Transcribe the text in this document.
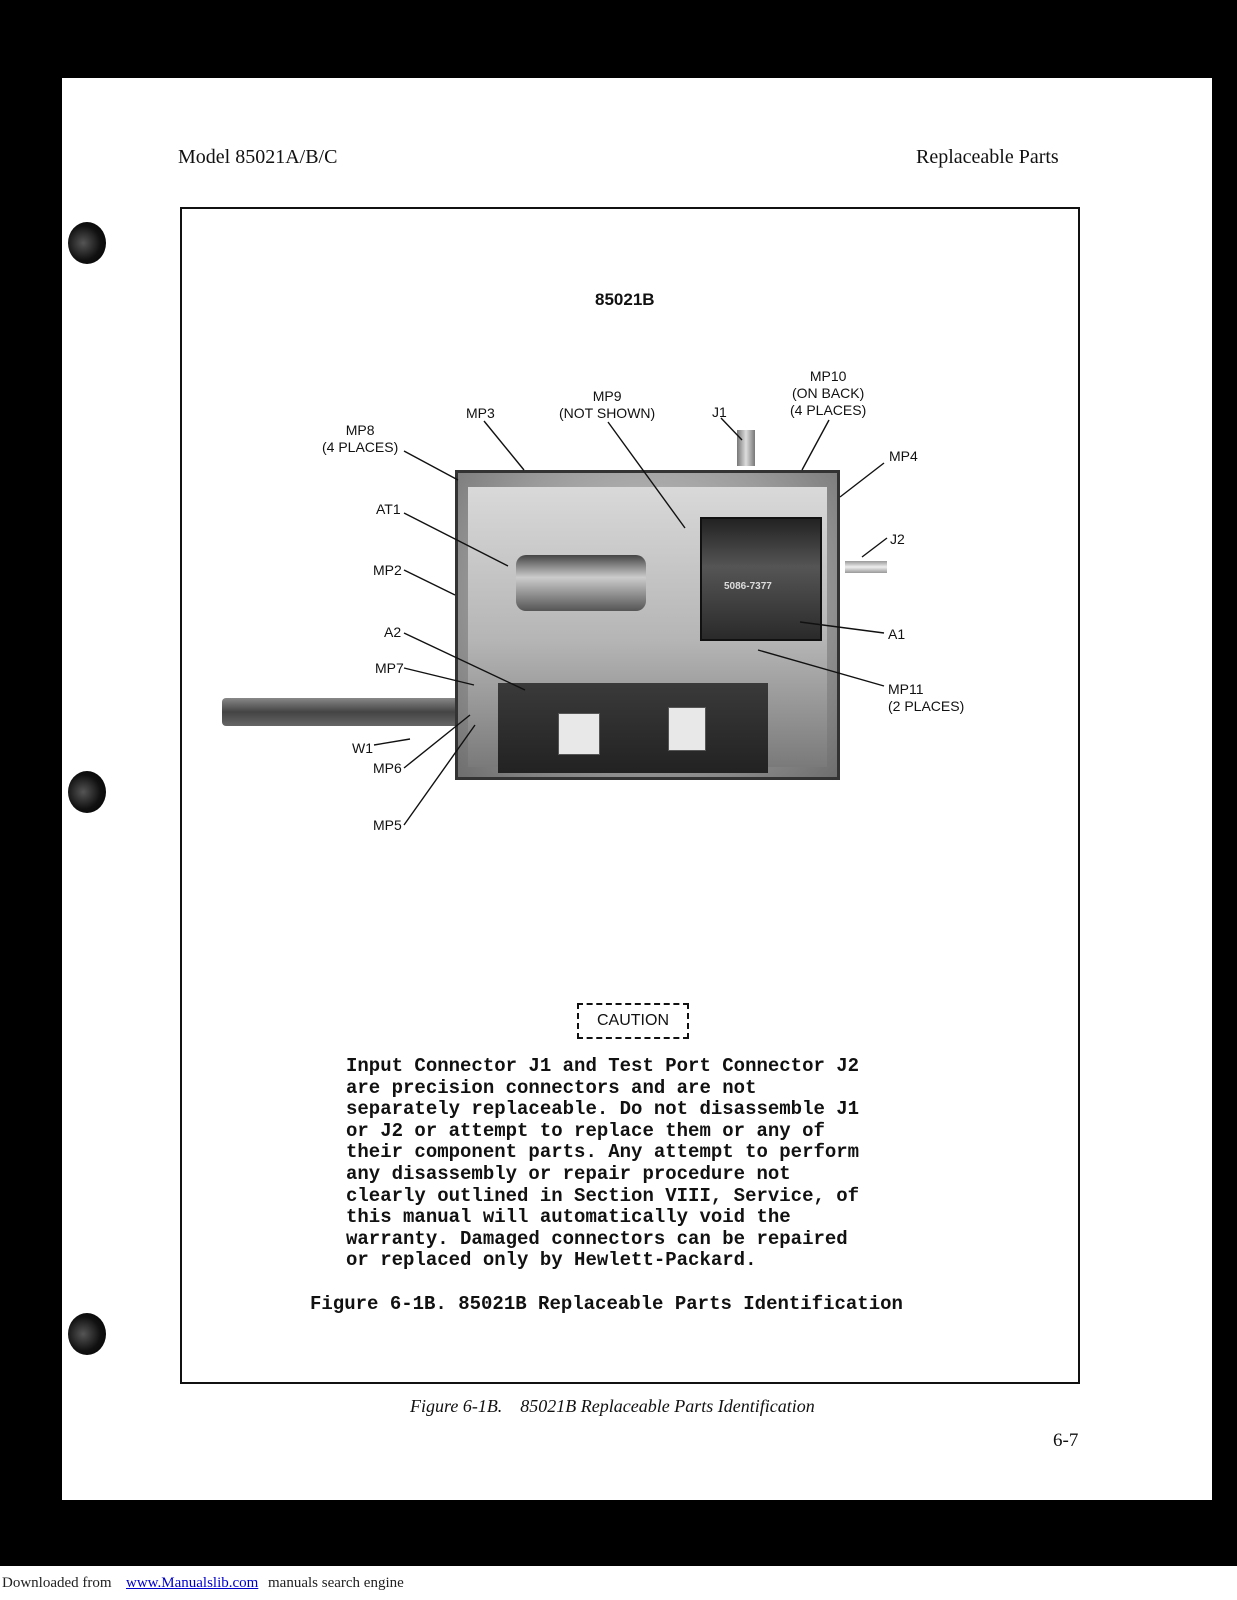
Model 85021A/B/C	Replaceable Parts
85021B
5086-7377
MP8
(4 PLACES)
MP3
MP9
(NOT SHOWN)	J1
MP10
(ON BACK)
(4 PLACES)
MP4
AT1
J2
MP2
A2	A1
MP7
MP11
(2 PLACES)
W1
MP6
MP5
CAUTION
Input Connector J1 and Test Port Connector J2
are precision connectors and are not
separately replaceable. Do not disassemble J1
or J2 or attempt to replace them or any of
their component parts. Any attempt to perform
any disassembly or repair procedure not
clearly outlined in Section VIII, Service, of
this manual will automatically void the
warranty. Damaged connectors can be repaired
or replaced only by Hewlett-Packard.
Figure 6-1B. 85021B Replaceable Parts Identification
Figure 6-1B.    85021B Replaceable Parts Identification
6-7
Downloaded from www.Manualslib.com manuals search engine
